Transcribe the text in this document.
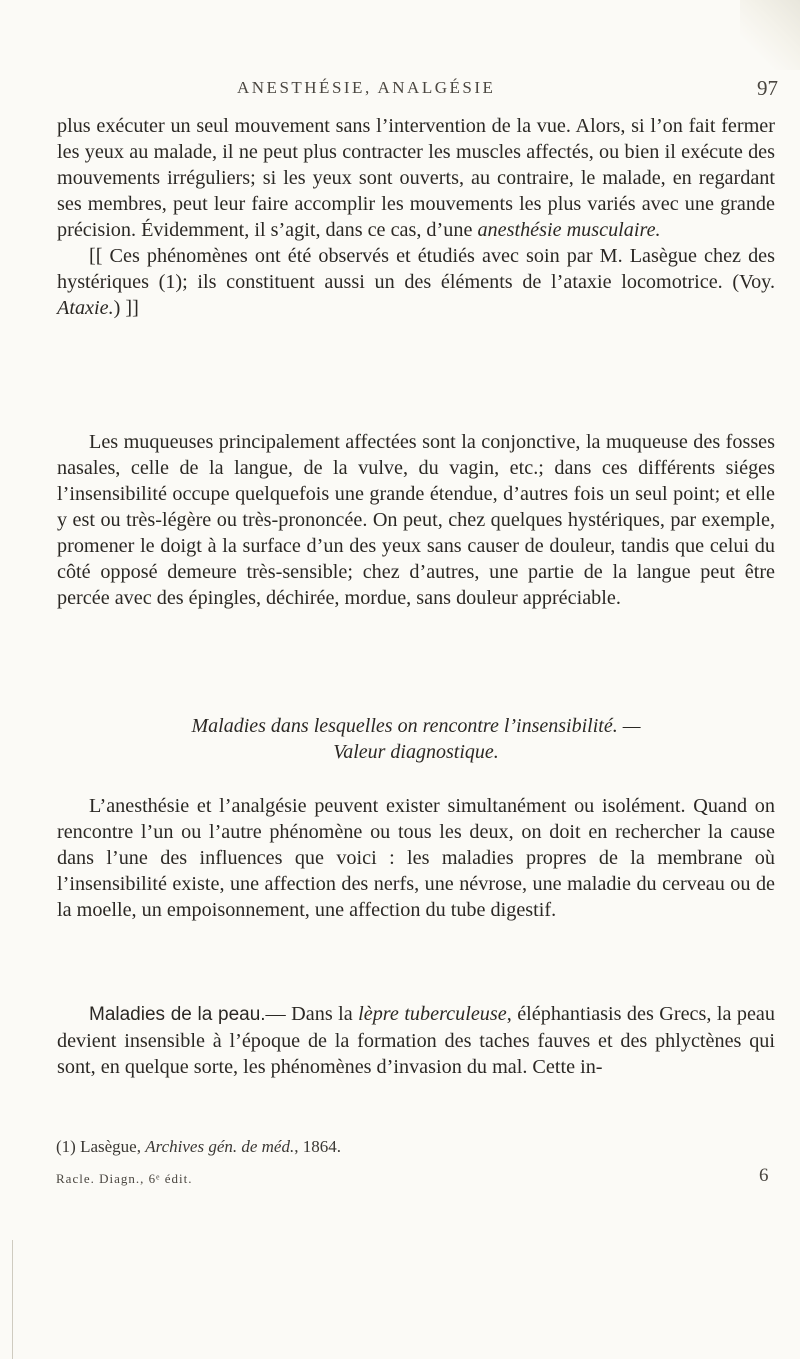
ANESTHÉSIE, ANALGÉSIE	97

plus exécuter un seul mouvement sans l’intervention de la vue. Alors, si l’on fait fermer les yeux au malade, il ne peut plus contracter les muscles affectés, ou bien il exécute des mouvements irréguliers; si les yeux sont ouverts, au contraire, le malade, en regardant ses membres, peut leur faire accomplir les mouvements les plus variés avec une grande précision. Évidemment, il s’agit, dans ce cas, d’une anesthésie musculaire.

[[ Ces phénomènes ont été observés et étudiés avec soin par M. Lasègue chez des hystériques (1); ils constituent aussi un des éléments de l’ataxie locomotrice. (Voy. Ataxie.) ]]

Les muqueuses principalement affectées sont la conjonctive, la muqueuse des fosses nasales, celle de la langue, de la vulve, du vagin, etc.; dans ces différents siéges l’insensibilité occupe quelquefois une grande étendue, d’autres fois un seul point; et elle y est ou très-légère ou très-prononcée. On peut, chez quelques hystériques, par exemple, promener le doigt à la surface d’un des yeux sans causer de douleur, tandis que celui du côté opposé demeure très-sensible; chez d’autres, une partie de la langue peut être percée avec des épingles, déchirée, mordue, sans douleur appréciable.

Maladies dans lesquelles on rencontre l’insensibilité. —
Valeur diagnostique.

L’anesthésie et l’analgésie peuvent exister simultanément ou isolément. Quand on rencontre l’un ou l’autre phénomène ou tous les deux, on doit en rechercher la cause dans l’une des influences que voici : les maladies propres de la membrane où l’insensibilité existe, une affection des nerfs, une névrose, une maladie du cerveau ou de la moelle, un empoisonnement, une affection du tube digestif.

Maladies de la peau.— Dans la lèpre tuberculeuse, éléphantiasis des Grecs, la peau devient insensible à l’époque de la formation des taches fauves et des phlyctènes qui sont, en quelque sorte, les phénomènes d’invasion du mal. Cette in-

(1) Lasègue, Archives gén. de méd., 1864.
Racle. Diagn., 6ᵉ édit.	6
